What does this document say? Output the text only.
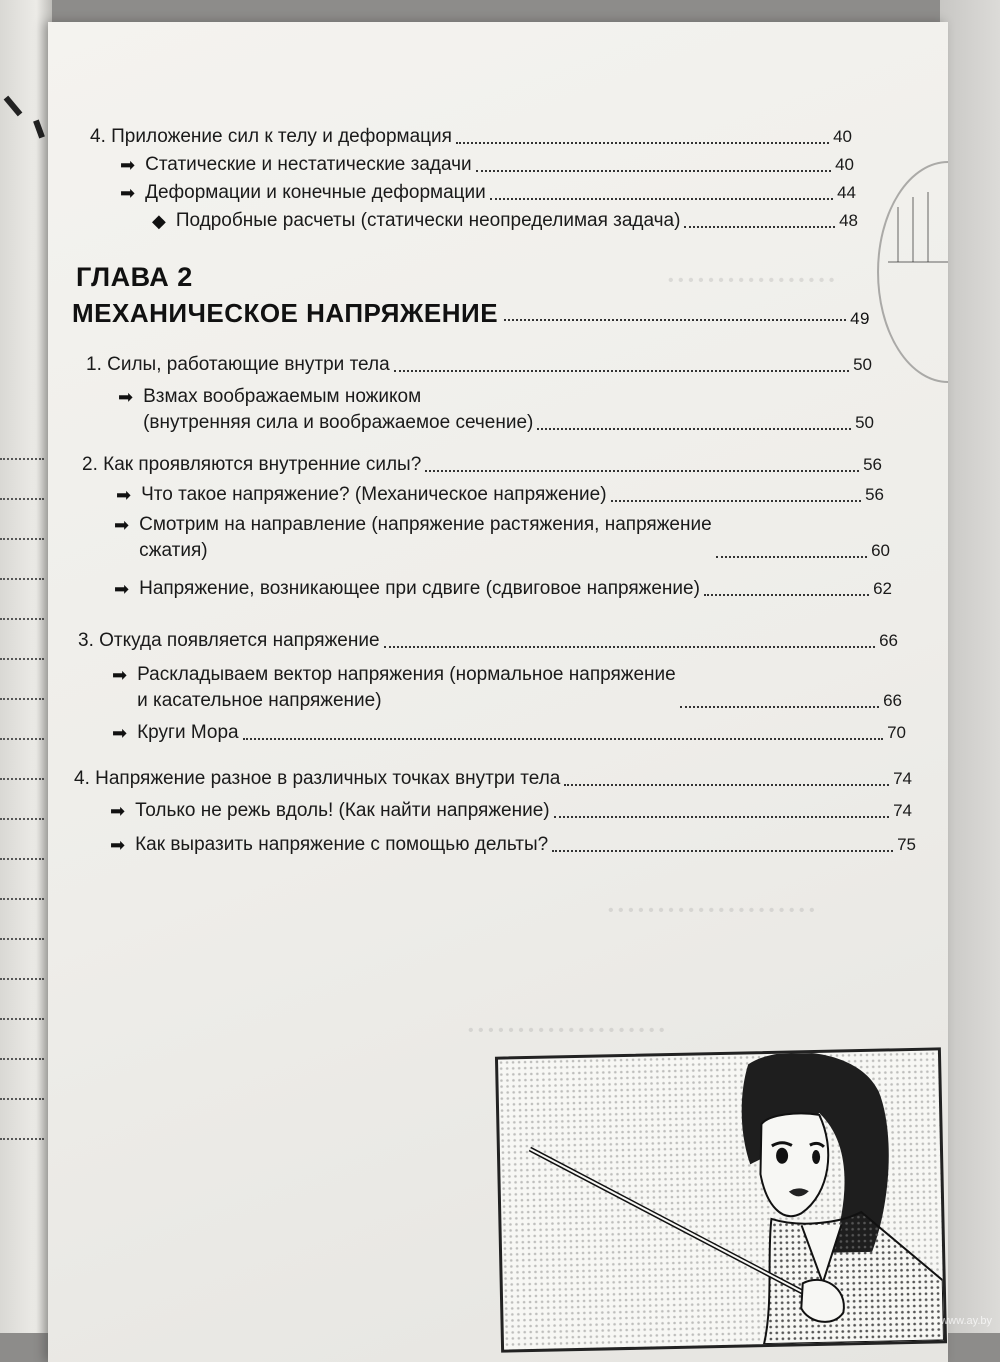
• • • • • • • • • • • • • • • • •
• • • • • • • • • • • • • • • • • • • • •
• • • • • • • • • • • • • • • • • • • •
4. Приложение сил к телу и деформация	40
➡ Статические и нестатические задачи	40
➡ Деформации и конечные деформации	44
◆ Подробные расчеты (статически неопределимая задача)	48
ГЛАВА 2
МЕХАНИЧЕСКОЕ НАПРЯЖЕНИЕ	49
1. Силы, работающие внутри тела	50
➡ Взмах воображаемым ножиком
(внутренняя сила и воображаемое сечение)	50
2. Как проявляются внутренние силы?	56
➡ Что такое напряжение? (Механическое напряжение)	56
➡ Смотрим на направление (напряжение растяжения, напряжение
сжатия)	60
➡ Напряжение, возникающее при сдвиге (сдвиговое напряжение)	62
3. Откуда появляется напряжение	66
➡ Раскладываем вектор напряжения (нормальное напряжение
и касательное напряжение)	66
➡ Круги Мора	70
4. Напряжение разное в различных точках внутри тела	74
➡ Только не режь вдоль! (Как найти напряжение)	74
➡ Как выразить напряжение с помощью дельты?	75
www.ay.by
